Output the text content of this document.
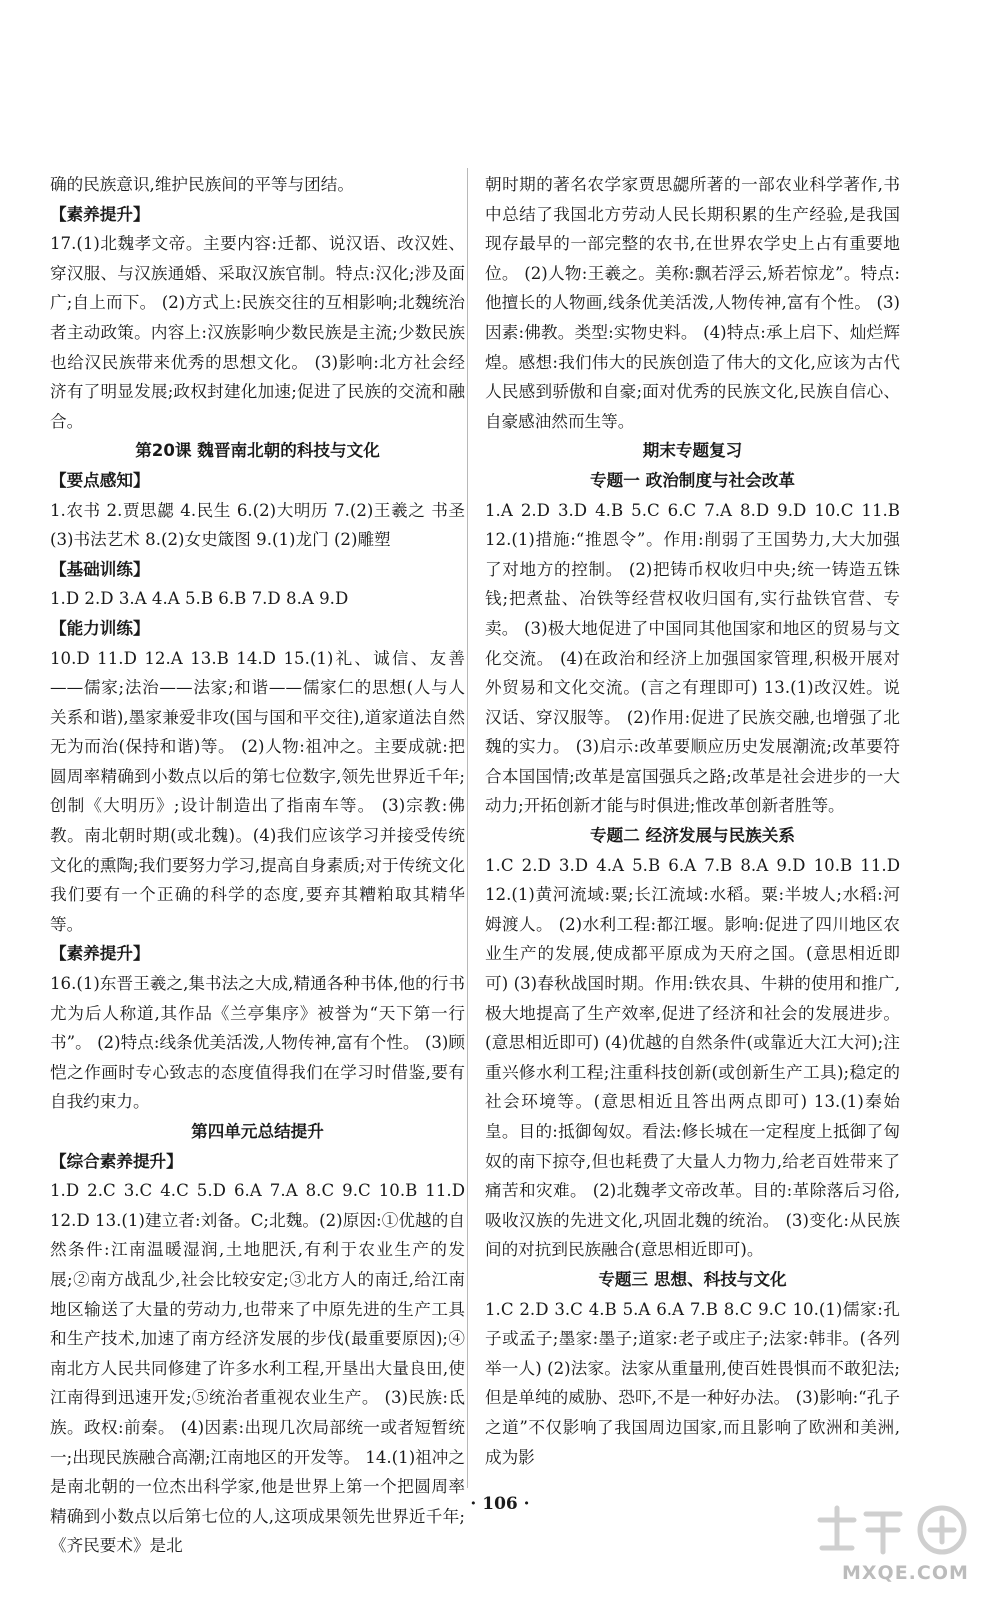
确的民族意识,维护民族间的平等与团结。

【素养提升】

17.(1)北魏孝文帝。主要内容:迁都、说汉语、改汉姓、穿汉服、与汉族通婚、采取汉族官制。特点:汉化;涉及面广;自上而下。 (2)方式上:民族交往的互相影响;北魏统治者主动政策。内容上:汉族影响少数民族是主流;少数民族也给汉民族带来优秀的思想文化。 (3)影响:北方社会经济有了明显发展;政权封建化加速;促进了民族的交流和融合。

第20课 魏晋南北朝的科技与文化

【要点感知】

1.农书 2.贾思勰 4.民生 6.(2)大明历 7.(2)王羲之 书圣 (3)书法艺术 8.(2)女史箴图 9.(1)龙门 (2)雕塑

【基础训练】

1.D 2.D 3.A 4.A 5.B 6.B 7.D 8.A 9.D

【能力训练】

10.D 11.D 12.A 13.B 14.D 15.(1)礼、诚信、友善——儒家;法治——法家;和谐——儒家仁的思想(人与人关系和谐),墨家兼爱非攻(国与国和平交往),道家道法自然无为而治(保持和谐)等。 (2)人物:祖冲之。主要成就:把圆周率精确到小数点以后的第七位数字,领先世界近千年;创制《大明历》;设计制造出了指南车等。 (3)宗教:佛教。南北朝时期(或北魏)。(4)我们应该学习并接受传统文化的熏陶;我们要努力学习,提高自身素质;对于传统文化我们要有一个正确的科学的态度,要弃其糟粕取其精华等。

【素养提升】

16.(1)东晋王羲之,集书法之大成,精通各种书体,他的行书尤为后人称道,其作品《兰亭集序》被誉为“天下第一行书”。 (2)特点:线条优美活泼,人物传神,富有个性。 (3)顾恺之作画时专心致志的态度值得我们在学习时借鉴,要有自我约束力。

第四单元总结提升

【综合素养提升】

1.D 2.C 3.C 4.C 5.D 6.A 7.A 8.C 9.C 10.B 11.D 12.D 13.(1)建立者:刘备。C;北魏。(2)原因:①优越的自然条件:江南温暖湿润,土地肥沃,有利于农业生产的发展;②南方战乱少,社会比较安定;③北方人的南迁,给江南地区输送了大量的劳动力,也带来了中原先进的生产工具和生产技术,加速了南方经济发展的步伐(最重要原因);④南北方人民共同修建了许多水利工程,开垦出大量良田,使江南得到迅速开发;⑤统治者重视农业生产。 (3)民族:氐族。政权:前秦。 (4)因素:出现几次局部统一或者短暂统一;出现民族融合高潮;江南地区的开发等。 14.(1)祖冲之是南北朝的一位杰出科学家,他是世界上第一个把圆周率精确到小数点以后第七位的人,这项成果领先世界近千年;《齐民要术》是北

朝时期的著名农学家贾思勰所著的一部农业科学著作,书中总结了我国北方劳动人民长期积累的生产经验,是我国现存最早的一部完整的农书,在世界农学史上占有重要地位。 (2)人物:王羲之。美称:飘若浮云,矫若惊龙”。特点:他擅长的人物画,线条优美活泼,人物传神,富有个性。 (3)因素:佛教。类型:实物史料。 (4)特点:承上启下、灿烂辉煌。感想:我们伟大的民族创造了伟大的文化,应该为古代人民感到骄傲和自豪;面对优秀的民族文化,民族自信心、自豪感油然而生等。

期末专题复习

专题一 政治制度与社会改革

1.A 2.D 3.D 4.B 5.C 6.C 7.A 8.D 9.D 10.C 11.B 12.(1)措施:“推恩令”。作用:削弱了王国势力,大大加强了对地方的控制。 (2)把铸币权收归中央;统一铸造五铢钱;把煮盐、冶铁等经营权收归国有,实行盐铁官营、专卖。 (3)极大地促进了中国同其他国家和地区的贸易与文化交流。 (4)在政治和经济上加强国家管理,积极开展对外贸易和文化交流。(言之有理即可) 13.(1)改汉姓。说汉话、穿汉服等。 (2)作用:促进了民族交融,也增强了北魏的实力。 (3)启示:改革要顺应历史发展潮流;改革要符合本国国情;改革是富国强兵之路;改革是社会进步的一大动力;开拓创新才能与时俱进;惟改革创新者胜等。

专题二 经济发展与民族关系

1.C 2.D 3.D 4.A 5.B 6.A 7.B 8.A 9.D 10.B 11.D 12.(1)黄河流域:粟;长江流域:水稻。粟:半坡人;水稻:河姆渡人。 (2)水利工程:都江堰。影响:促进了四川地区农业生产的发展,使成都平原成为天府之国。(意思相近即可) (3)春秋战国时期。作用:铁农具、牛耕的使用和推广,极大地提高了生产效率,促进了经济和社会的发展进步。(意思相近即可) (4)优越的自然条件(或靠近大江大河);注重兴修水利工程;注重科技创新(或创新生产工具);稳定的社会环境等。(意思相近且答出两点即可) 13.(1)秦始皇。目的:抵御匈奴。看法:修长城在一定程度上抵御了匈奴的南下掠夺,但也耗费了大量人力物力,给老百姓带来了痛苦和灾难。 (2)北魏孝文帝改革。目的:革除落后习俗,吸收汉族的先进文化,巩固北魏的统治。 (3)变化:从民族间的对抗到民族融合(意思相近即可)。

专题三 思想、科技与文化

1.C 2.D 3.C 4.B 5.A 6.A 7.B 8.C 9.C 10.(1)儒家:孔子或孟子;墨家:墨子;道家:老子或庄子;法家:韩非。(各列举一人) (2)法家。法家从重量刑,使百姓畏惧而不敢犯法;但是单纯的威胁、恐吓,不是一种好办法。 (3)影响:“孔子之道”不仅影响了我国周边国家,而且影响了欧洲和美洲,成为影

· 106 ·
MXQE.COM
